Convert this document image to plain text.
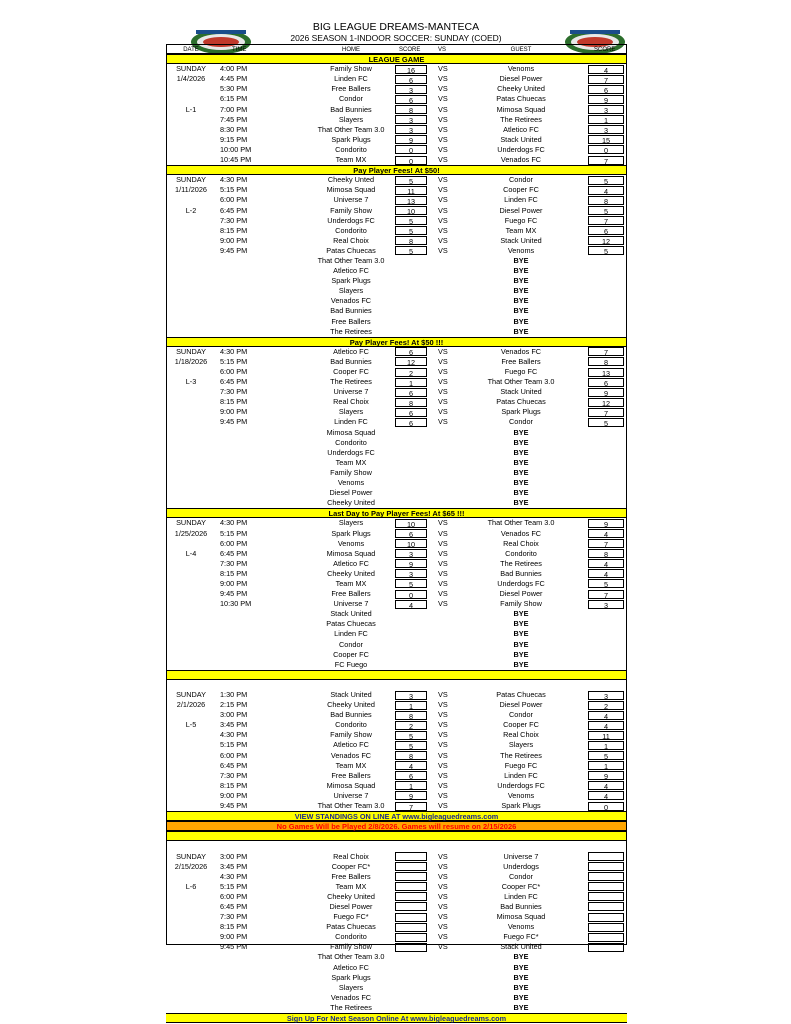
BIG LEAGUE DREAMS-MANTECA
2026 SEASON 1-INDOOR SOCCER: SUNDAY (COED)
DATE	TIME	HOME	SCORE	VS	GUEST	SCORE
LEAGUE GAME
SUNDAY	4:00 PM	Family Show	16	VS	Venoms	4
1/4/2026	4:45 PM	Linden FC	6	VS	Diesel Power	7
5:30 PM	Free Ballers	3	VS	Cheeky United	6
6:15 PM	Condor	6	VS	Patas Chuecas	9
L-1	7:00 PM	Bad Bunnies	8	VS	Mimosa Squad	3
7:45 PM	Slayers	3	VS	The Retirees	1
8:30 PM	That Other Team 3.0	3	VS	Atletico FC	3
9:15 PM	Spark Plugs	9	VS	Stack United	15
10:00 PM	Condorito	0	VS	Underdogs FC	0
10:45 PM	Team MX	0	VS	Venados FC	7
Pay Player Fees! At $50!
SUNDAY	4:30 PM	Cheeky Unted	5	VS	Condor	5
1/11/2026	5:15 PM	Mimosa Squad	11	VS	Cooper FC	4
6:00 PM	Universe 7	13	VS	Linden FC	8
L-2	6:45 PM	Family Show	10	VS	Diesel Power	5
7:30 PM	Underdogs FC	5	VS	Fuego FC	7
8:15 PM	Condorito	5	VS	Team MX	6
9:00 PM	Real Choix	8	VS	Stack United	12
9:45 PM	Patas Chuecas	5	VS	Venoms	5
That Other Team 3.0	BYE
Atletico FC	BYE
Spark Plugs	BYE
Slayers	BYE
Venados FC	BYE
Bad Bunnies	BYE
Free Ballers	BYE
The Retirees	BYE
Pay Player Fees! At $50 !!!
SUNDAY	4:30 PM	Atletico FC	6	VS	Venados FC	7
1/18/2026	5:15 PM	Bad Bunnies	12	VS	Free Ballers	8
6:00 PM	Cooper FC	2	VS	Fuego FC	13
L-3	6:45 PM	The Retirees	1	VS	That Other Team 3.0	6
7:30 PM	Universe 7	6	VS	Stack United	9
8:15 PM	Real Choix	8	VS	Patas Chuecas	12
9:00 PM	Slayers	6	VS	Spark Plugs	7
9:45 PM	Linden FC	6	VS	Condor	5
Mimosa Squad	BYE
Condorito	BYE
Underdogs FC	BYE
Team MX	BYE
Family Show	BYE
Venoms	BYE
Diesel Power	BYE
Cheeky United	BYE
Last Day to Pay Player Fees! At $65 !!!
SUNDAY	4:30 PM	Slayers	10	VS	That Other Team 3.0	9
1/25/2026	5:15 PM	Spark Plugs	6	VS	Venados FC	4
6:00 PM	Venoms	10	VS	Real Choix	7
L-4	6:45 PM	Mimosa Squad	3	VS	Condorito	8
7:30 PM	Atletico FC	9	VS	The Retirees	4
8:15 PM	Cheeky United	3	VS	Bad Bunnies	4
9:00 PM	Team MX	5	VS	Underdogs FC	5
9:45 PM	Free Ballers	0	VS	Diesel Power	7
10:30 PM	Universe 7	4	VS	Family Show	3
Stack United	BYE
Patas Chuecas	BYE
Linden FC	BYE
Condor	BYE
Cooper FC	BYE
FC Fuego	BYE
SUNDAY	1:30 PM	Stack United	3	VS	Patas Chuecas	3
2/1/2026	2:15 PM	Cheeky United	1	VS	Diesel Power	2
3:00 PM	Bad Bunnies	8	VS	Condor	4
L-5	3:45 PM	Condorito	2	VS	Cooper FC	4
4:30 PM	Family Show	5	VS	Real Choix	11
5:15 PM	Atletico FC	5	VS	Slayers	1
6:00 PM	Venados FC	8	VS	The Retirees	5
6:45 PM	Team MX	4	VS	Fuego FC	1
7:30 PM	Free Ballers	6	VS	Linden FC	9
8:15 PM	Mimosa Squad	1	VS	Underdogs FC	4
9:00 PM	Universe 7	9	VS	Venoms	4
9:45 PM	That Other Team 3.0	7	VS	Spark Plugs	0
VIEW STANDINGS ON LINE AT www.bigleaguedreams.com
No Games Will be Played 2/8/2026. Games will resume on 2/15/2026
SUNDAY	3:00 PM	Real Choix	VS	Universe 7
2/15/2026	3:45 PM	Cooper FC*	VS	Underdogs
4:30 PM	Free Ballers	VS	Condor
L-6	5:15 PM	Team MX	VS	Cooper FC*
6:00 PM	Cheeky United	VS	Linden FC
6:45 PM	Diesel Power	VS	Bad Bunnies
7:30 PM	Fuego FC*	VS	Mimosa Squad
8:15 PM	Patas Chuecas	VS	Venoms
9:00 PM	Condorito	VS	Fuego FC*
9:45 PM	Family Show	VS	Stack United
That Other Team 3.0	BYE
Atletico FC	BYE
Spark Plugs	BYE
Slayers	BYE
Venados FC	BYE
The Retirees	BYE
Sign Up For Next Season Online At www.bigleaguedreams.com
